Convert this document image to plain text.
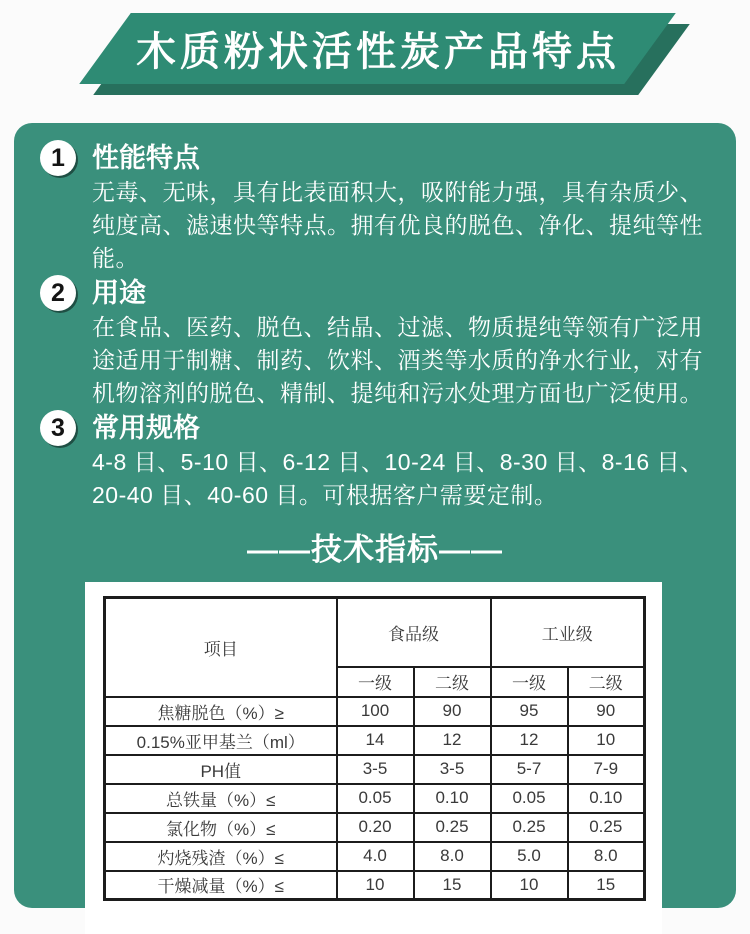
木质粉状活性炭产品特点
1	性能特点

无毒、无味，具有比表面积大，吸附能力强，具有杂质少、纯度高、滤速快等特点。拥有优良的脱色、净化、提纯等性能。

2	用途

在食品、医药、脱色、结晶、过滤、物质提纯等领有广泛用途适用于制糖、制药、饮料、酒类等水质的净水行业，对有机物溶剂的脱色、精制、提纯和污水处理方面也广泛使用。

3	常用规格

4-8 目、5-10 目、6-12 目、10-24 目、8-30 目、8-16 目、20-40 目、40-60 目。可根据客户需要定制。

——技术指标——
项目	食品级		工业级	
	一级	二级	一级	二级
焦糖脱色（%）≥	100	90	95	90
0.15%亚甲基兰（ml）	14	12	12	10
PH值	3-5	3-5	5-7	7-9
总铁量（%）≤	0.05	0.10	0.05	0.10
氯化物（%）≤	0.20	0.25	0.25	0.25
灼烧残渣（%）≤	4.0	8.0	5.0	8.0
干燥减量（%）≤	10	15	10	15
